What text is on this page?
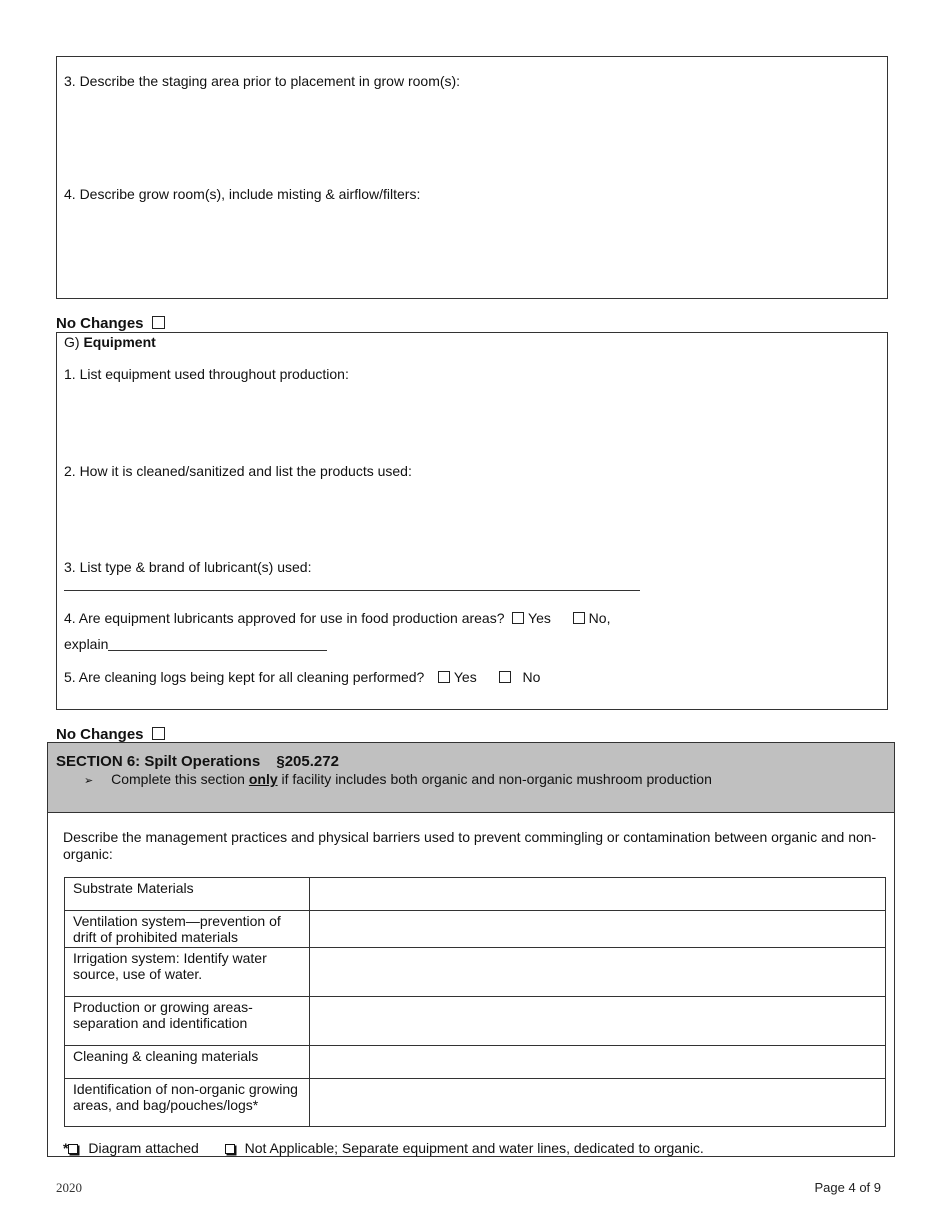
3. Describe the staging area prior to placement in grow room(s):
4. Describe grow room(s), include misting & airflow/filters:
No Changes
G) Equipment
1. List equipment used throughout production:
2. How it is cleaned/sanitized and list the products used:
3. List type & brand of lubricant(s) used:
4. Are equipment lubricants approved for use in food production areas? Yes	No,
explain
5. Are cleaning logs being kept for all cleaning performed? Yes	No
No Changes
SECTION 6: Spilt Operations §205.272
➢ Complete this section only if facility includes both organic and non-organic mushroom production
Describe the management practices and physical barriers used to prevent commingling or contamination between organic and non-organic:
Substrate Materials	
Ventilation system—prevention of drift of prohibited materials	
Irrigation system: Identify water source, use of water.	
Production or growing areas-separation and identification	
Cleaning & cleaning materials	
Identification of non-organic growing areas, and bag/pouches/logs*	
* Diagram attached	Not Applicable; Separate equipment and water lines, dedicated to organic.
2020	Page 4 of 9
